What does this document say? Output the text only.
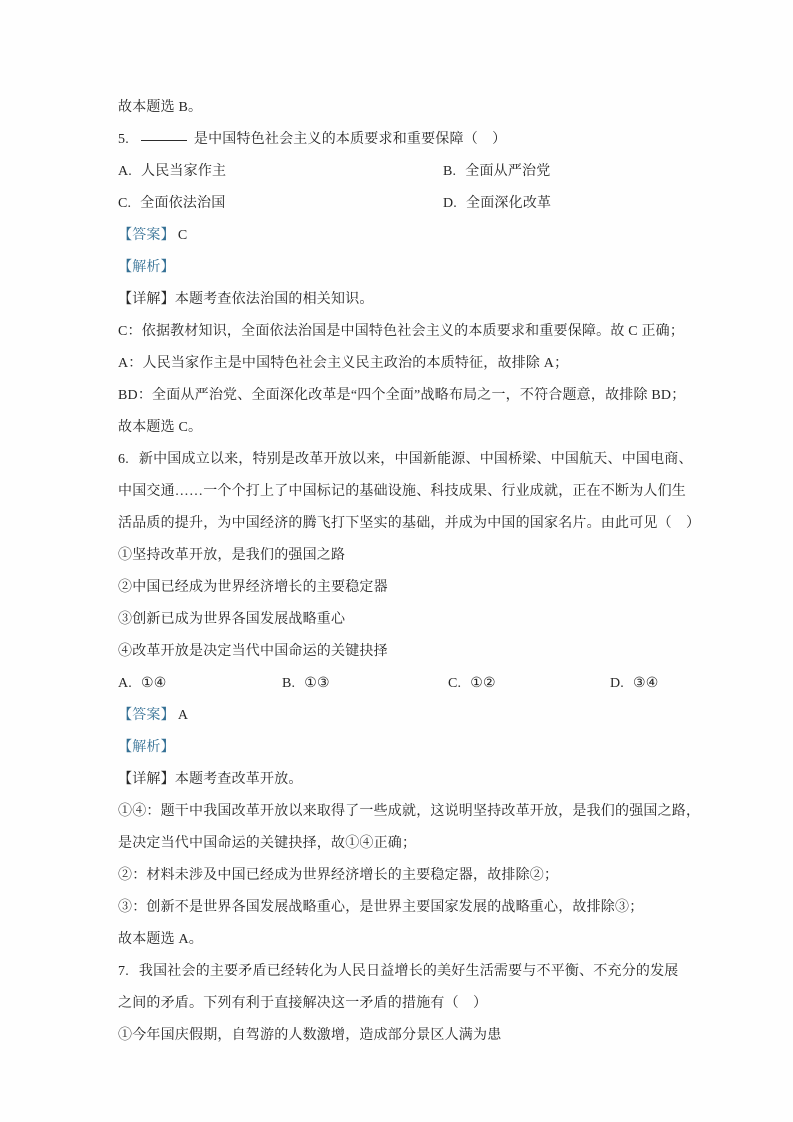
故本题选 B。
5.	是中国特色社会主义的本质要求和重要保障（　）
A. 人民当家作主	B. 全面从严治党
C. 全面依法治国	D. 全面深化改革
【答案】 C
【解析】
【详解】本题考查依法治国的相关知识。
C：依据教材知识，全面依法治国是中国特色社会主义的本质要求和重要保障。故 C 正确；
A：人民当家作主是中国特色社会主义民主政治的本质特征，故排除 A；
BD：全面从严治党、全面深化改革是“四个全面”战略布局之一，不符合题意，故排除 BD；
故本题选 C。
6. 新中国成立以来，特别是改革开放以来，中国新能源、中国桥梁、中国航天、中国电商、
中国交通……一个个打上了中国标记的基础设施、科技成果、行业成就，正在不断为人们生
活品质的提升，为中国经济的腾飞打下坚实的基础，并成为中国的国家名片。由此可见（　）
①坚持改革开放，是我们的强国之路
②中国已经成为世界经济增长的主要稳定器
③创新已成为世界各国发展战略重心
④改革开放是决定当代中国命运的关键抉择
A. ①④	B. ①③	C. ①②	D. ③④
【答案】 A
【解析】
【详解】本题考查改革开放。
①④：题干中我国改革开放以来取得了一些成就，这说明坚持改革开放，是我们的强国之路，
是决定当代中国命运的关键抉择，故①④正确；
②：材料未涉及中国已经成为世界经济增长的主要稳定器，故排除②；
③：创新不是世界各国发展战略重心，是世界主要国家发展的战略重心，故排除③；
故本题选 A。
7. 我国社会的主要矛盾已经转化为人民日益增长的美好生活需要与不平衡、不充分的发展
之间的矛盾。下列有利于直接解决这一矛盾的措施有（　）
①今年国庆假期，自驾游的人数激增，造成部分景区人满为患
